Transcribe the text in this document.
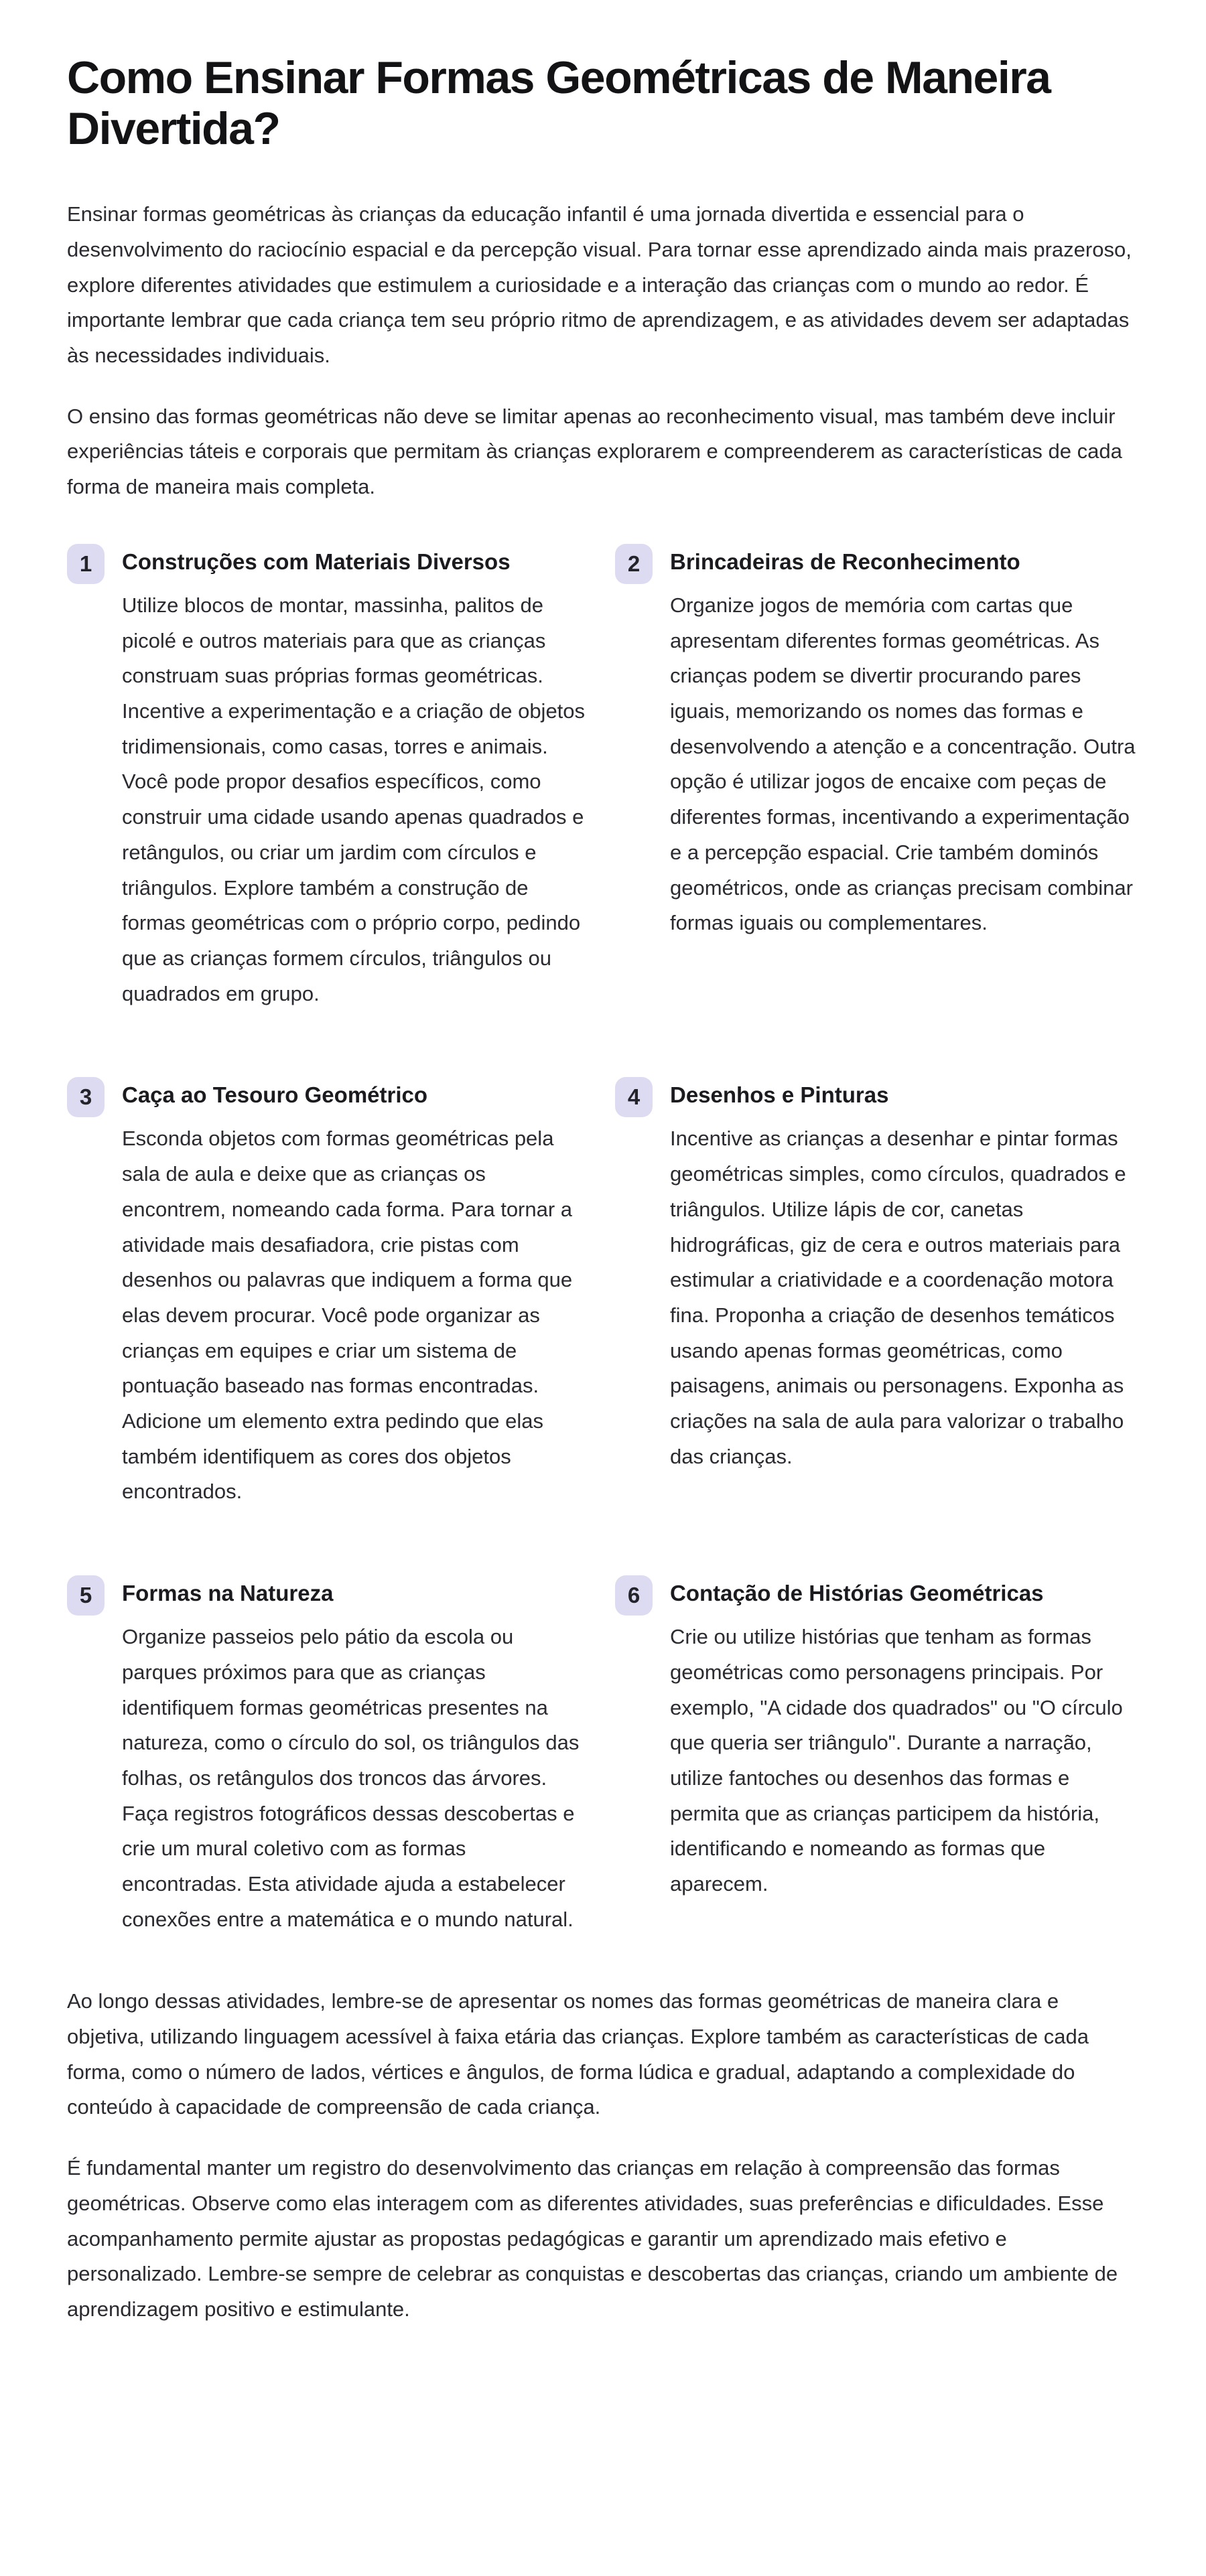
Como Ensinar Formas Geométricas de Maneira Divertida?

Ensinar formas geométricas às crianças da educação infantil é uma jornada divertida e essencial para o desenvolvimento do raciocínio espacial e da percepção visual. Para tornar esse aprendizado ainda mais prazeroso, explore diferentes atividades que estimulem a curiosidade e a interação das crianças com o mundo ao redor. É importante lembrar que cada criança tem seu próprio ritmo de aprendizagem, e as atividades devem ser adaptadas às necessidades individuais.

O ensino das formas geométricas não deve se limitar apenas ao reconhecimento visual, mas também deve incluir experiências táteis e corporais que permitam às crianças explorarem e compreenderem as características de cada forma de maneira mais completa.

1 Construções com Materiais Diversos

Utilize blocos de montar, massinha, palitos de picolé e outros materiais para que as crianças construam suas próprias formas geométricas. Incentive a experimentação e a criação de objetos tridimensionais, como casas, torres e animais. Você pode propor desafios específicos, como construir uma cidade usando apenas quadrados e retângulos, ou criar um jardim com círculos e triângulos. Explore também a construção de formas geométricas com o próprio corpo, pedindo que as crianças formem círculos, triângulos ou quadrados em grupo.

2 Brincadeiras de Reconhecimento

Organize jogos de memória com cartas que apresentam diferentes formas geométricas. As crianças podem se divertir procurando pares iguais, memorizando os nomes das formas e desenvolvendo a atenção e a concentração. Outra opção é utilizar jogos de encaixe com peças de diferentes formas, incentivando a experimentação e a percepção espacial. Crie também dominós geométricos, onde as crianças precisam combinar formas iguais ou complementares.

3 Caça ao Tesouro Geométrico

Esconda objetos com formas geométricas pela sala de aula e deixe que as crianças os encontrem, nomeando cada forma. Para tornar a atividade mais desafiadora, crie pistas com desenhos ou palavras que indiquem a forma que elas devem procurar. Você pode organizar as crianças em equipes e criar um sistema de pontuação baseado nas formas encontradas. Adicione um elemento extra pedindo que elas também identifiquem as cores dos objetos encontrados.

4 Desenhos e Pinturas

Incentive as crianças a desenhar e pintar formas geométricas simples, como círculos, quadrados e triângulos. Utilize lápis de cor, canetas hidrográficas, giz de cera e outros materiais para estimular a criatividade e a coordenação motora fina. Proponha a criação de desenhos temáticos usando apenas formas geométricas, como paisagens, animais ou personagens. Exponha as criações na sala de aula para valorizar o trabalho das crianças.

5 Formas na Natureza

Organize passeios pelo pátio da escola ou parques próximos para que as crianças identifiquem formas geométricas presentes na natureza, como o círculo do sol, os triângulos das folhas, os retângulos dos troncos das árvores. Faça registros fotográficos dessas descobertas e crie um mural coletivo com as formas encontradas. Esta atividade ajuda a estabelecer conexões entre a matemática e o mundo natural.

6 Contação de Histórias Geométricas

Crie ou utilize histórias que tenham as formas geométricas como personagens principais. Por exemplo, "A cidade dos quadrados" ou "O círculo que queria ser triângulo". Durante a narração, utilize fantoches ou desenhos das formas e permita que as crianças participem da história, identificando e nomeando as formas que aparecem.

Ao longo dessas atividades, lembre-se de apresentar os nomes das formas geométricas de maneira clara e objetiva, utilizando linguagem acessível à faixa etária das crianças. Explore também as características de cada forma, como o número de lados, vértices e ângulos, de forma lúdica e gradual, adaptando a complexidade do conteúdo à capacidade de compreensão de cada criança.

É fundamental manter um registro do desenvolvimento das crianças em relação à compreensão das formas geométricas. Observe como elas interagem com as diferentes atividades, suas preferências e dificuldades. Esse acompanhamento permite ajustar as propostas pedagógicas e garantir um aprendizado mais efetivo e personalizado. Lembre-se sempre de celebrar as conquistas e descobertas das crianças, criando um ambiente de aprendizagem positivo e estimulante.
